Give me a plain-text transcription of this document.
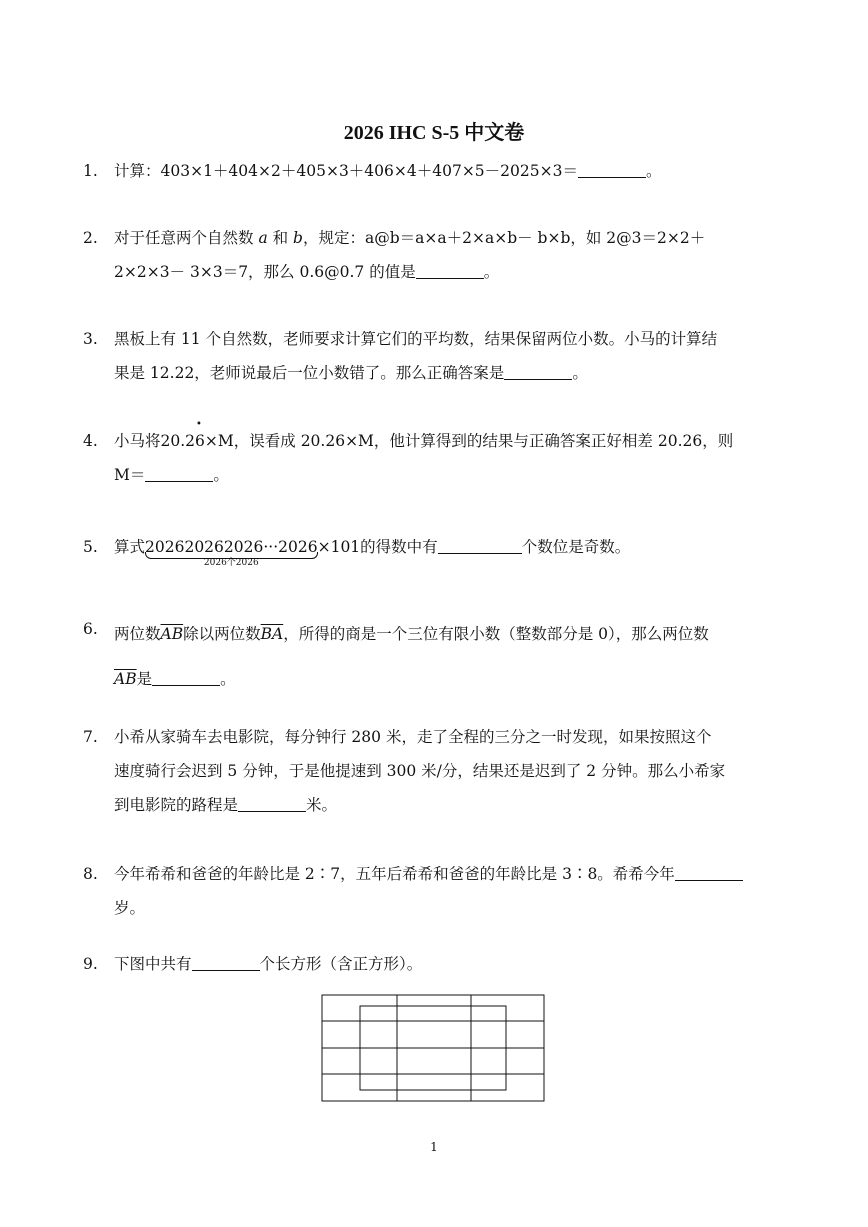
2026 IHC S-5 中文卷
1. 计算：403×1＋404×2＋405×3＋406×4＋407×5－2025×3＝	。
2. 对于任意两个自然数 a 和 b，规定：a@b＝a×a＋2×a×b－ b×b，如 2@3＝2×2＋
2×2×3－ 3×3＝7，那么 0.6@0.7 的值是	。
3. 黑板上有 11 个自然数，老师要求计算它们的平均数，结果保留两位小数。小马的计算结
果是 12.22，老师说最后一位小数错了。那么正确答案是	。
4. 小马将20.2• 6×M，误看成 20.26×M，他计算得到的结果与正确答案正好相差 20.26，则
M＝	。
5. 算式202620262026···2026
2026个2026
×101的得数中有	个数位是奇数。
6. 两位数$\overline{AB}$除以两位数$\overline{BA}$，所得的商是一个三位有限小数（整数部分是 0），那么两位数
$\overline{AB}$是	。
7. 小希从家骑车去电影院，每分钟行 280 米，走了全程的三分之一时发现，如果按照这个
速度骑行会迟到 5 分钟，于是他提速到 300 米/分，结果还是迟到了 2 分钟。那么小希家
到电影院的路程是	米。
8. 今年希希和爸爸的年龄比是 2∶7，五年后希希和爸爸的年龄比是 3∶8。希希今年
岁。
9. 下图中共有	个长方形（含正方形）。
1
